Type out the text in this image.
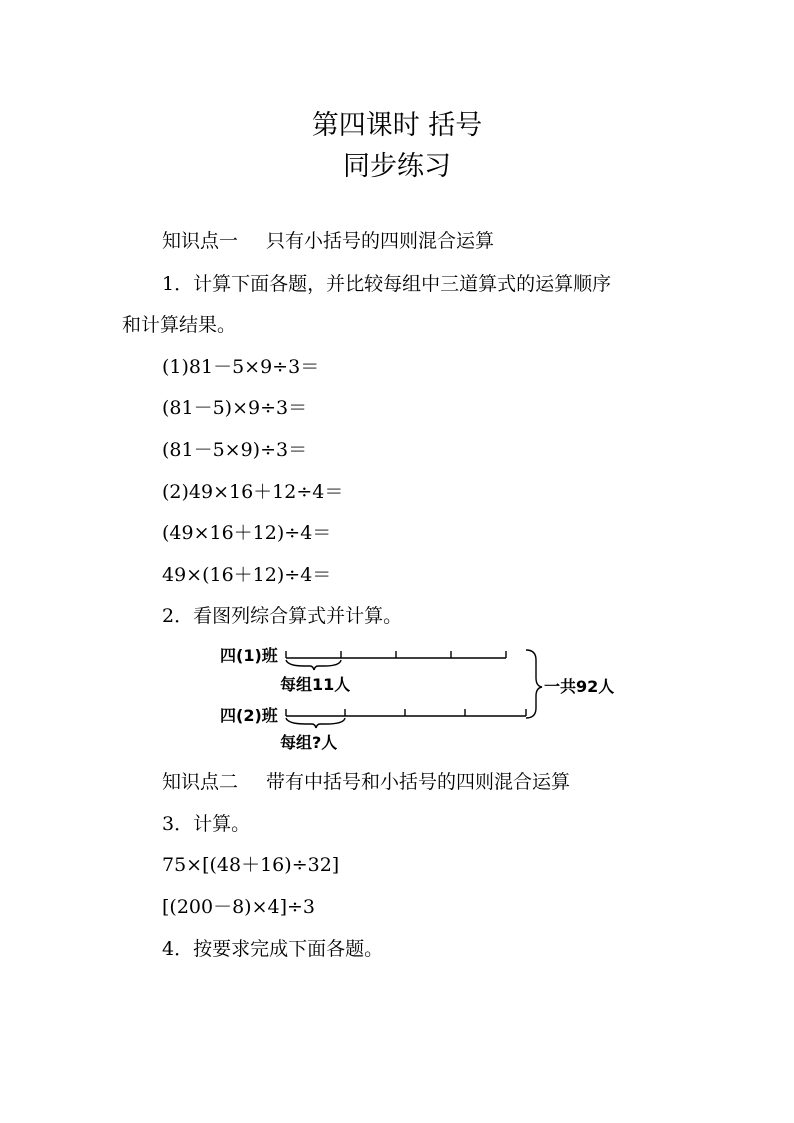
第四课时 括号
同步练习
知识点一 只有小括号的四则混合运算
1．计算下面各题，并比较每组中三道算式的运算顺序
和计算结果。
(1)81－5×9÷3＝
(81－5)×9÷3＝
(81－5×9)÷3＝
(2)49×16＋12÷4＝
(49×16＋12)÷4＝
49×(16＋12)÷4＝
2．看图列综合算式并计算。
四(1)班
每组11人
四(2)班
每组?人
一共92人
知识点二 带有中括号和小括号的四则混合运算
3．计算。
75×[(48＋16)÷32]
[(200－8)×4]÷3
4．按要求完成下面各题。
